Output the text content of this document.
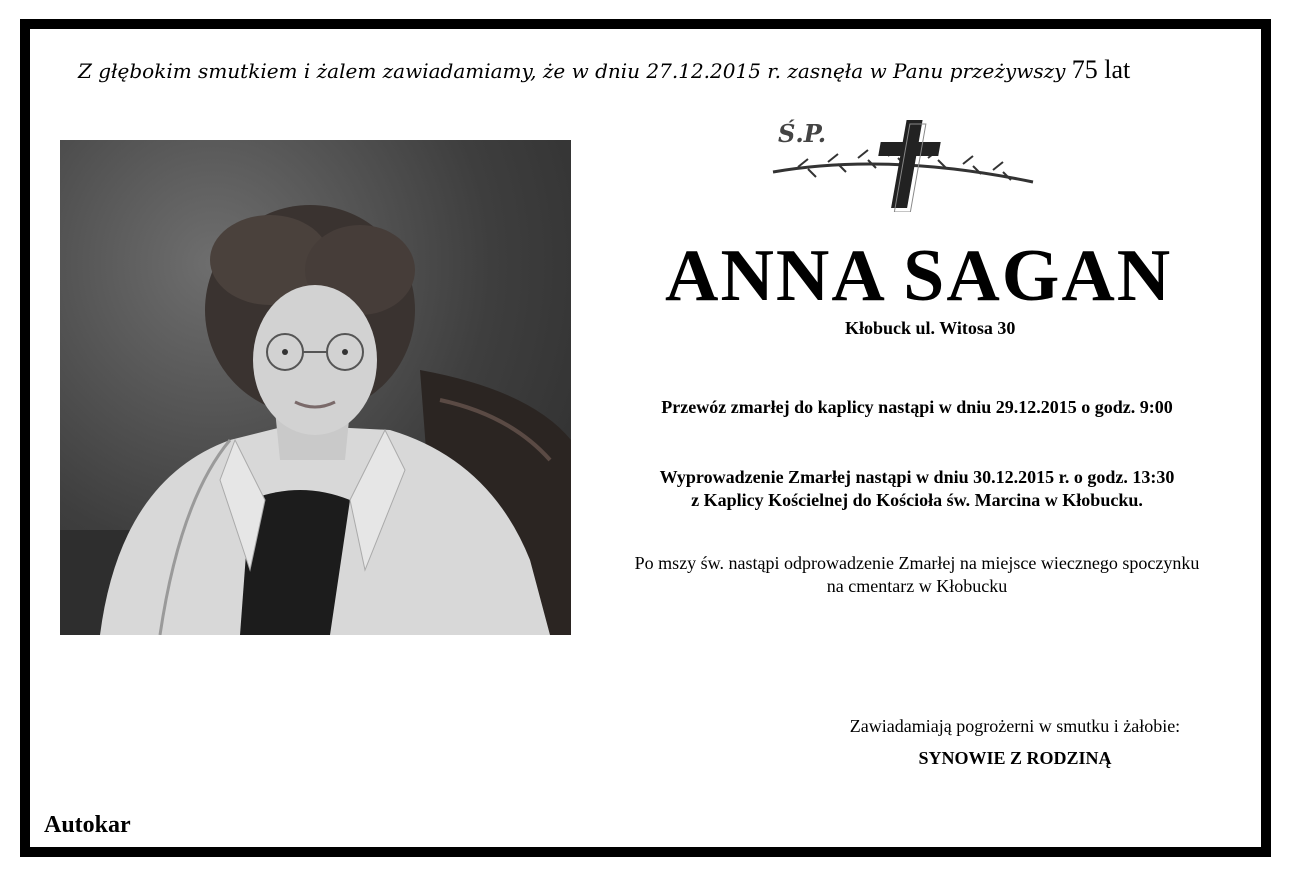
Z głębokim smutkiem i żalem zawiadamiamy, że w dniu 27.12.2015 r. zasnęła w Panu przeżywszy 75 lat
Ś.P.
ANNA SAGAN
Kłobuck ul. Witosa 30
Przewóz zmarłej do kaplicy nastąpi w dniu 29.12.2015 o godz. 9:00
Wyprowadzenie Zmarłej nastąpi w dniu 30.12.2015 r. o godz. 13:30
z Kaplicy Kościelnej do Kościoła św. Marcina w Kłobucku.
Po mszy św. nastąpi odprowadzenie Zmarłej na miejsce wiecznego spoczynku
na cmentarz w Kłobucku
Zawiadamiają pogrożerni w smutku i żałobie:
SYNOWIE Z RODZINĄ
Autokar
